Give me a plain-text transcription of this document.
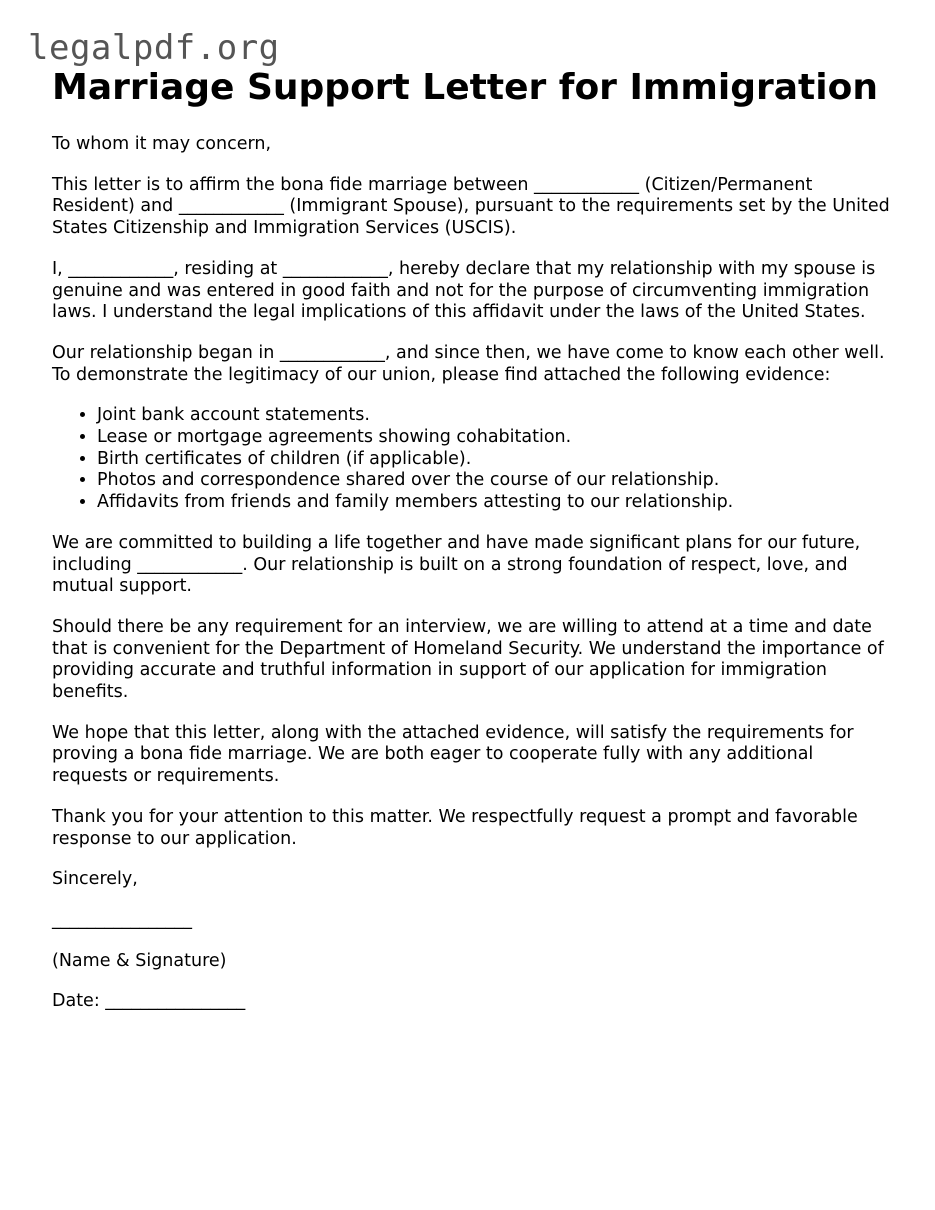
legalpdf.org
Marriage Support Letter for Immigration

To whom it may concern,

This letter is to affirm the bona fide marriage between ____________ (Citizen/Permanent Resident) and ____________ (Immigrant Spouse), pursuant to the requirements set by the United States Citizenship and Immigration Services (USCIS).

I, ____________, residing at ____________, hereby declare that my relationship with my spouse is genuine and was entered in good faith and not for the purpose of circumventing immigration laws. I understand the legal implications of this affidavit under the laws of the United States.

Our relationship began in ____________, and since then, we have come to know each other well. To demonstrate the legitimacy of our union, please find attached the following evidence:

• Joint bank account statements.
• Lease or mortgage agreements showing cohabitation.
• Birth certificates of children (if applicable).
• Photos and correspondence shared over the course of our relationship.
• Affidavits from friends and family members attesting to our relationship.

We are committed to building a life together and have made significant plans for our future, including ____________. Our relationship is built on a strong foundation of respect, love, and mutual support.

Should there be any requirement for an interview, we are willing to attend at a time and date that is convenient for the Department of Homeland Security. We understand the importance of providing accurate and truthful information in support of our application for immigration benefits.

We hope that this letter, along with the attached evidence, will satisfy the requirements for proving a bona fide marriage. We are both eager to cooperate fully with any additional requests or requirements.

Thank you for your attention to this matter. We respectfully request a prompt and favorable response to our application.

Sincerely,

________________

(Name & Signature)

Date: ________________
